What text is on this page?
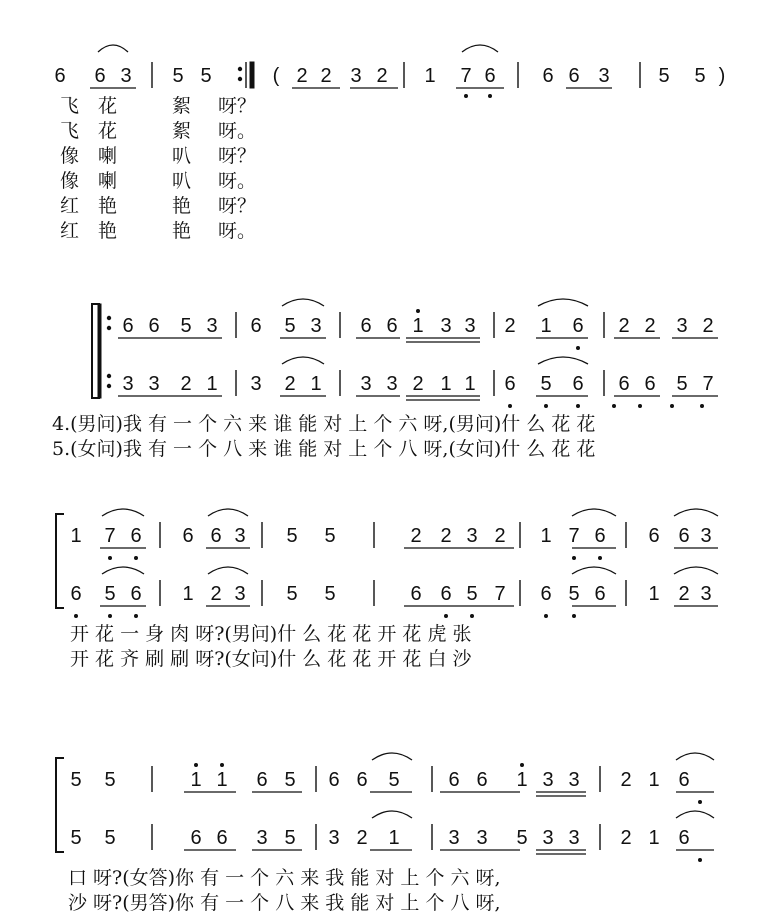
6 6 3 5 5	( 2 2 3 2 1 7 6 6 6 3 5 5 )
飞 花	絮 呀？
飞 花	絮 呀。
像 喇	叭 呀？
像 喇	叭 呀。
红 艳	艳 呀？
红 艳	艳 呀。
6 6 5 3 6 5 3 6 6 1 3 3 2 1 6 2 2 3 2
3 3 2 1 3 2 1 3 3 2 1 1 6 5 6 6 6 5 7
4.(男问)我 有 一 个 六 来 谁 能 对 上 个 六 呀,(男问)什 么 花 花
5.(女问)我 有 一 个 八 来 谁 能 对 上 个 八 呀,(女问)什 么 花 花
1 7 6 6 6 3 5 5	2 2 3 2 1 7 6 6 6 3
6 5 6 1 2 3 5 5	6 6 5 7 6 5 6 1 2 3
开 花 一 身 肉 呀?(男问)什 么 花 花 开 花 虎 张
开 花 齐 刷 刷 呀?(女问)什 么 花 花 开 花 白 沙
5 5	1 1 6 5 6 6 5 6 6 1 3 3 2 1 6
5 5	6 6 3 5 3 2 1 3 3 5 3 3 2 1 6
口 呀?(女答)你 有 一 个 六 来 我 能 对 上 个 六 呀,
沙 呀?(男答)你 有 一 个 八 来 我 能 对 上 个 八 呀,
